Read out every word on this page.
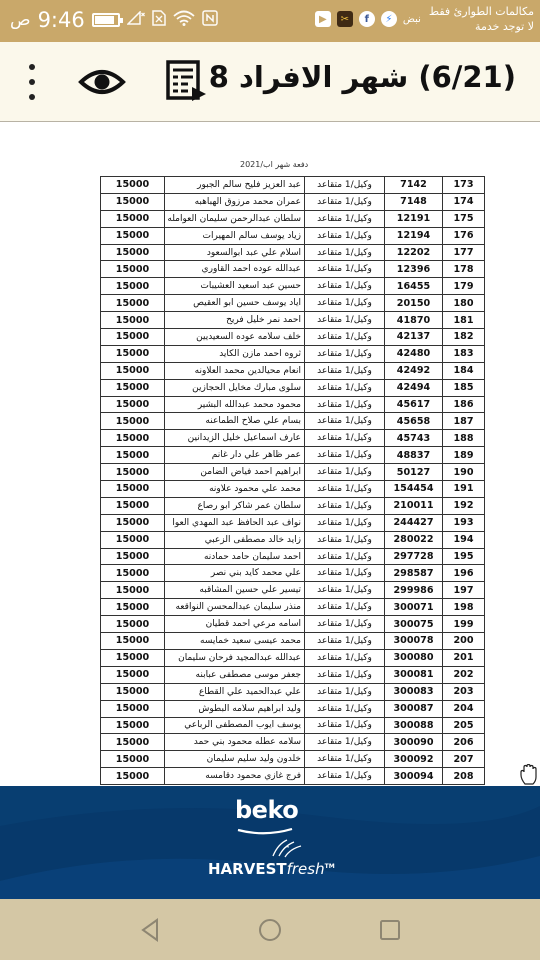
ص 9:46	▶	✂	f	⚡	نبض
مكالمات الطوارئ فقط
لا توجد خدمة
(6/21) شهر الافراد 8
دفعة شهر اب/2021
15000	عبد العزيز فليح سالم الجبور	وكيل/1 متقاعد	7142	173
15000	عمران محمد مرزوق الهباهبه	وكيل/1 متقاعد	7148	174
15000	سلطان عبدالرحمن سليمان العوامله	وكيل/1 متقاعد	12191	175
15000	زياد يوسف سالم المهيرات	وكيل/1 متقاعد	12194	176
15000	اسلام علي عبد ابوالسعود	وكيل/1 متقاعد	12202	177
15000	عبدالله عوده احمد القاوري	وكيل/1 متقاعد	12396	178
15000	حسين عبد اسعيد العشيبات	وكيل/1 متقاعد	16455	179
15000	اياد يوسف حسين ابو العقيص	وكيل/1 متقاعد	20150	180
15000	احمد نمر خليل فريح	وكيل/1 متقاعد	41870	181
15000	خلف سلامه عوده السعيديين	وكيل/1 متقاعد	42137	182
15000	ثروه احمد مازن الكايد	وكيل/1 متقاعد	42480	183
15000	انعام محيالدين محمد العلاونه	وكيل/1 متقاعد	42492	184
15000	سلوى مبارك مخايل الحجازين	وكيل/1 متقاعد	42494	185
15000	محمود محمد عبدالله البشير	وكيل/1 متقاعد	45617	186
15000	بسام علي صلاح الطماعنه	وكيل/1 متقاعد	45658	187
15000	عارف اسماعيل خليل الزيدانين	وكيل/1 متقاعد	45743	188
15000	عمر ظاهر علي دار غانم	وكيل/1 متقاعد	48837	189
15000	ابراهيم احمد فياض الضامن	وكيل/1 متقاعد	50127	190
15000	محمد علي محمود علاونه	وكيل/1 متقاعد	154454	191
15000	سلطان عمر شاكر ابو رصاع	وكيل/1 متقاعد	210011	192
15000	نواف عبد الحافظ عبد المهدي العوا	وكيل/1 متقاعد	244427	193
15000	زايد خالد مصطفى الزعبي	وكيل/1 متقاعد	280022	194
15000	احمد سليمان حامد حمادنه	وكيل/1 متقاعد	297728	195
15000	علي محمد كايد بني نصر	وكيل/1 متقاعد	298587	196
15000	تيسير علي حسين المشاقبه	وكيل/1 متقاعد	299986	197
15000	منذر سليمان عبدالمحسن النواقعه	وكيل/1 متقاعد	300071	198
15000	اسامه مرعي احمد قطيان	وكيل/1 متقاعد	300075	199
15000	محمد عيسى سعيد خمايسه	وكيل/1 متقاعد	300078	200
15000	عبدالله عبدالمجيد فرحان سليمان	وكيل/1 متقاعد	300080	201
15000	جعفر موسى مصطفى عبابنه	وكيل/1 متقاعد	300081	202
15000	علي عبدالحميد علي القطاع	وكيل/1 متقاعد	300083	203
15000	وليد ابراهيم سلامه البطوش	وكيل/1 متقاعد	300087	204
15000	يوسف ايوب المصطفى الرباعي	وكيل/1 متقاعد	300088	205
15000	سلامه عطله محمود بني حمد	وكيل/1 متقاعد	300090	206
15000	خلدون وليد سليم سليمان	وكيل/1 متقاعد	300092	207
15000	فرج غازي محمود دقامسه	وكيل/1 متقاعد	300094	208
beko
HARVESTfresh™
